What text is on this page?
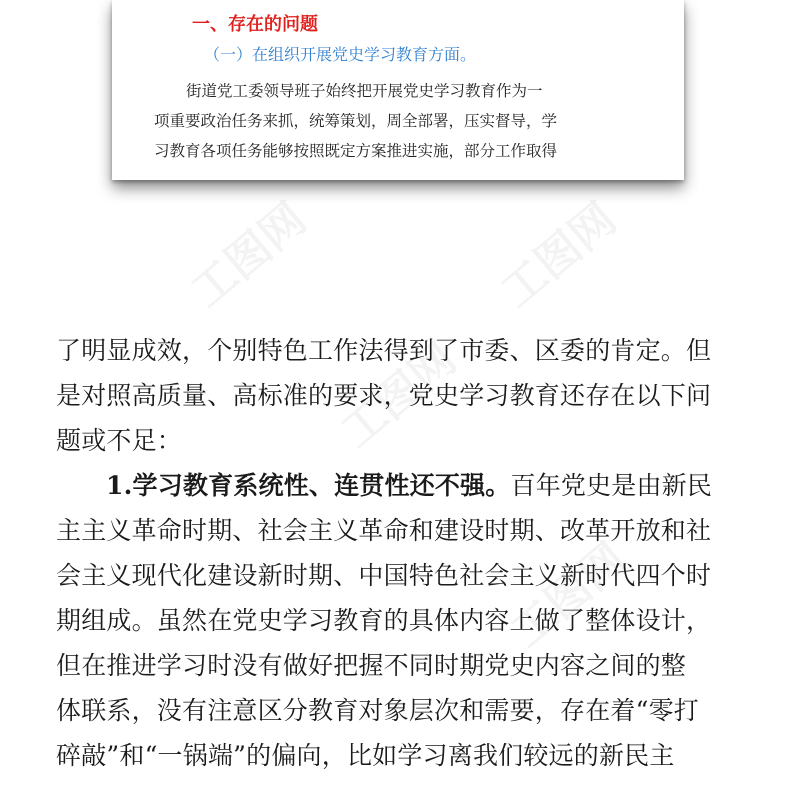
一、存在的问题
（一）在组织开展党史学习教育方面。
街道党工委领导班子始终把开展党史学习教育作为一
项重要政治任务来抓，统筹策划，周全部署，压实督导，学
习教育各项任务能够按照既定方案推进实施，部分工作取得
工图网	工图网
工图网
工图网
了明显成效，个别特色工作法得到了市委、区委的肯定。但
是对照高质量、高标准的要求，党史学习教育还存在以下问
题或不足：
1.学习教育系统性、连贯性还不强。百年党史是由新民
主主义革命时期、社会主义革命和建设时期、改革开放和社
会主义现代化建设新时期、中国特色社会主义新时代四个时
期组成。虽然在党史学习教育的具体内容上做了整体设计，
但在推进学习时没有做好把握不同时期党史内容之间的整
体联系，没有注意区分教育对象层次和需要，存在着“零打
碎敲”和“一锅端”的偏向，比如学习离我们较远的新民主
